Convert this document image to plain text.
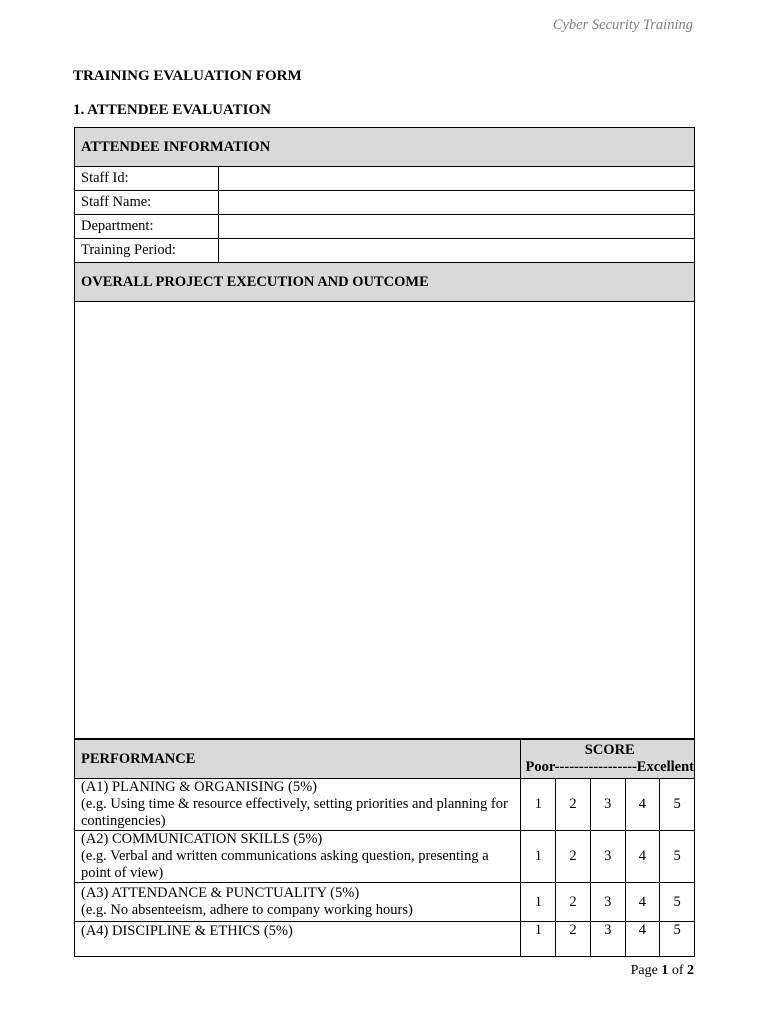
Cyber Security Training
TRAINING EVALUATION FORM
1. ATTENDEE EVALUATION
ATTENDEE INFORMATION	
Staff Id:	
Staff Name:	
Department:	
Training Period:	
OVERALL PROJECT EXECUTION AND OUTCOME	

PERFORMANCE	SCORE
Poor-----------------Excellent				

(A1) PLANING & ORGANISING (5%)
(e.g. Using time & resource effectively, setting priorities and planning for contingencies)	1	2	3	4	5

(A2) COMMUNICATION SKILLS (5%)
(e.g. Verbal and written communications asking question, presenting a point of view)	1	2	3	4	5

(A3) ATTENDANCE & PUNCTUALITY (5%)
(e.g. No absenteeism, adhere to company working hours)	1	2	3	4	5

(A4) DISCIPLINE & ETHICS (5%)	1	2	3	4	5
Page 1 of 2
